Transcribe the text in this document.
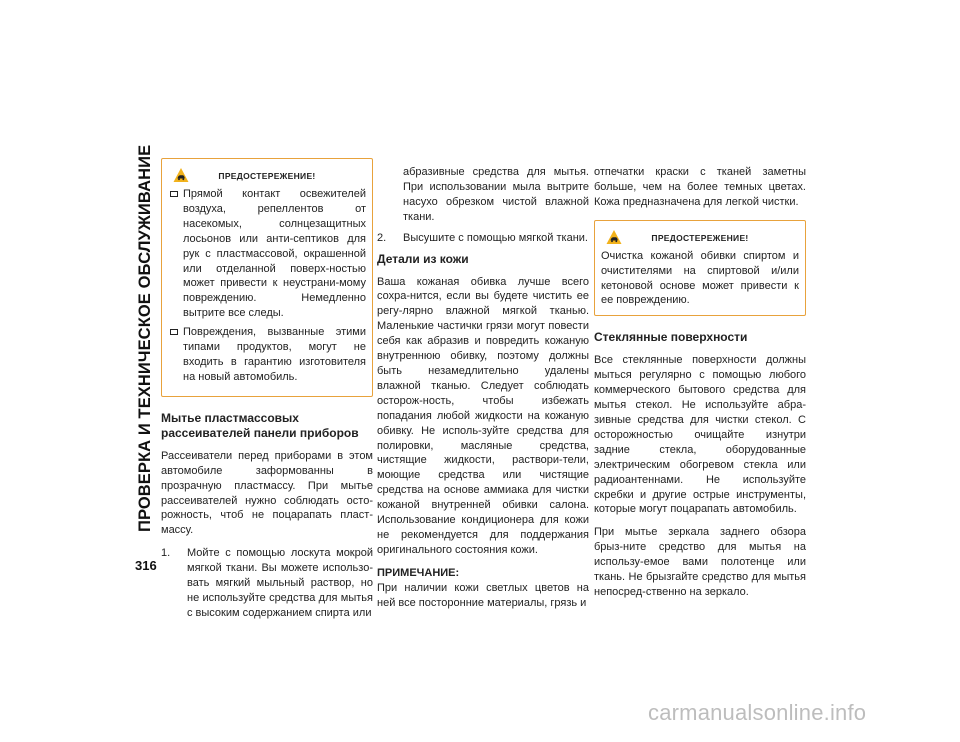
ПРОВЕРКА И ТЕХНИЧЕСКОЕ ОБСЛУЖИВАНИЕ
316
ПРЕДОСТЕРЕЖЕНИЕ!
Прямой контакт освежителей воздуха, репеллентов от насекомых, солнцезащитных лосьонов или анти-септиков для рук с пластмассовой, окрашенной или отделанной поверх-ностью может привести к неустрани-мому повреждению. Немедленно вытрите все следы.
Повреждения, вызванные этими типами продуктов, могут не входить в гарантию изготовителя на новый автомобиль.
Мытье пластмассовых
рассеивателей панели приборов

Рассеиватели перед приборами в этом автомобиле заформованны в прозрачную пластмассу. При мытье рассеивателей нужно соблюдать осто-рожность, чтоб не поцарапать пласт-массу.

1.	Мойте с помощью лоскута мокрой мягкой ткани. Вы можете использо-вать мягкий мыльный раствор, но не используйте средства для мытья с высоким содержанием спирта или
абразивные средства для мытья. При использовании мыла вытрите насухо обрезком чистой влажной ткани.
2.	Высушите с помощью мягкой ткани.
Детали из кожи

Ваша кожаная обивка лучше всего сохра-нится, если вы будете чистить ее регу-лярно влажной мягкой тканью. Маленькие частички грязи могут повести себя как абразив и повредить кожаную внутреннюю обивку, поэтому должны быть незамедлительно удалены влажной тканью. Следует соблюдать осторож-ность, чтобы избежать попадания любой жидкости на кожаную обивку. Не исполь-зуйте средства для полировки, масляные средства, чистящие жидкости, раствори-тели, моющие средства или чистящие средства на основе аммиака для чистки кожаной внутренней обивки салона. Использование кондиционера для кожи не рекомендуется для поддержания оригинального состояния кожи.

ПРИМЕЧАНИЕ:

При наличии кожи светлых цветов на ней все посторонние материалы, грязь и

отпечатки краски с тканей заметны больше, чем на более темных цветах. Кожа предназначена для легкой чистки.

ПРЕДОСТЕРЕЖЕНИЕ!
Очистка кожаной обивки спиртом и очистителями на спиртовой и/или кетоновой основе может привести к ее повреждению.
Стеклянные поверхности

Все стеклянные поверхности должны мыться регулярно с помощью любого коммерческого бытового средства для мытья стекол. Не используйте абра-зивные средства для чистки стекол. С осторожностью очищайте изнутри задние стекла, оборудованные электрическим обогревом стекла или радиоантеннами. Не используйте скребки и другие острые инструменты, которые могут поцарапать автомобиль.

При мытье зеркала заднего обзора брыз-ните средство для мытья на использу-емое вами полотенце или ткань. Не брызгайте средство для мытья непосред-ственно на зеркало.

carmanualsonline.info
